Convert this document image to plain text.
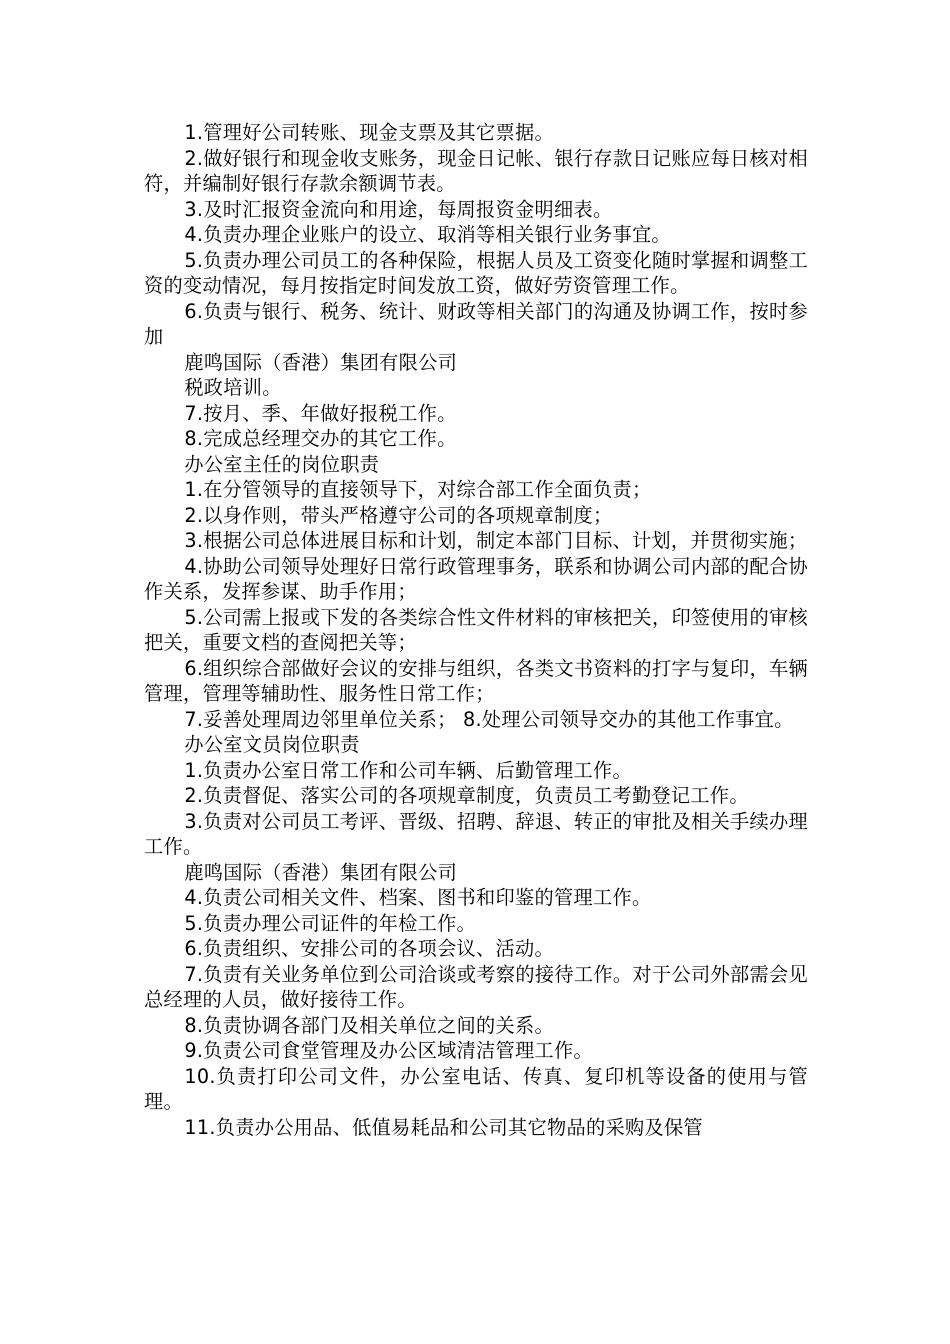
1.管理好公司转账、现金支票及其它票据。

2.做好银行和现金收支账务，现金日记帐、银行存款日记账应每日核对相符，并编制好银行存款余额调节表。

3.及时汇报资金流向和用途，每周报资金明细表。

4.负责办理企业账户的设立、取消等相关银行业务事宜。

5.负责办理公司员工的各种保险，根据人员及工资变化随时掌握和调整工资的变动情况，每月按指定时间发放工资，做好劳资管理工作。

6.负责与银行、税务、统计、财政等相关部门的沟通及协调工作，按时参加

鹿鸣国际（香港）集团有限公司

税政培训。

7.按月、季、年做好报税工作。

8.完成总经理交办的其它工作。

办公室主任的岗位职责

1.在分管领导的直接领导下，对综合部工作全面负责；

2.以身作则，带头严格遵守公司的各项规章制度；

3.根据公司总体进展目标和计划，制定本部门目标、计划，并贯彻实施；

4.协助公司领导处理好日常行政管理事务，联系和协调公司内部的配合协作关系，发挥参谋、助手作用；

5.公司需上报或下发的各类综合性文件材料的审核把关，印签使用的审核把关，重要文档的查阅把关等；

6.组织综合部做好会议的安排与组织，各类文书资料的打字与复印，车辆管理，管理等辅助性、服务性日常工作；

7.妥善处理周边邻里单位关系； 8.处理公司领导交办的其他工作事宜。

办公室文员岗位职责

1.负责办公室日常工作和公司车辆、后勤管理工作。

2.负责督促、落实公司的各项规章制度，负责员工考勤登记工作。

3.负责对公司员工考评、晋级、招聘、辞退、转正的审批及相关手续办理工作。

鹿鸣国际（香港）集团有限公司

4.负责公司相关文件、档案、图书和印鉴的管理工作。

5.负责办理公司证件的年检工作。

6.负责组织、安排公司的各项会议、活动。

7.负责有关业务单位到公司洽谈或考察的接待工作。对于公司外部需会见总经理的人员，做好接待工作。

8.负责协调各部门及相关单位之间的关系。

9.负责公司食堂管理及办公区域清洁管理工作。

10.负责打印公司文件，办公室电话、传真、复印机等设备的使用与管理。

11.负责办公用品、低值易耗品和公司其它物品的采购及保管
